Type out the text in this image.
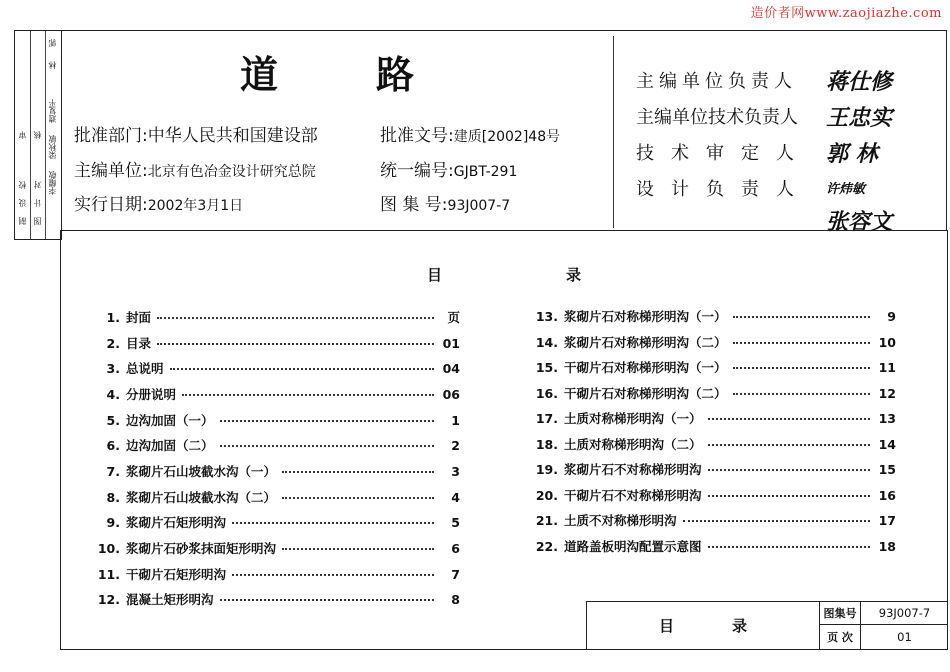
造价者网www.zaojiazhe.com
校
设
审
制
对
计
核
图
遗复平
梁秋敏
李耀敬
郭
林	道	路
批准部门:中华人民共和国建设部
主编单位:北京有色冶金设计研究总院
实行日期:2002年3月1日
批准文号:建质[2002]48号
统一编号:GJBT-291
图 集 号:93J007-7
主编单位负责人 蒋仕修
主编单位技术负责人 王忠实
技术审定人 郭 林
设计负责人 许炜敏
张容文
目	录
1. 封面	页
2. 目录	01
3. 总说明	04
4. 分册说明	06
5. 边沟加固（一）	1
6. 边沟加固（二）	2
7. 浆砌片石山坡截水沟（一）	3
8. 浆砌片石山坡截水沟（二）	4
9. 浆砌片石矩形明沟	5
10. 浆砌片石砂浆抹面矩形明沟	6
11. 干砌片石矩形明沟	7
12. 混凝土矩形明沟	8
13. 浆砌片石对称梯形明沟（一）	9
14. 浆砌片石对称梯形明沟（二）	10
15. 干砌片石对称梯形明沟（一）	11
16. 干砌片石对称梯形明沟（二）	12
17. 土质对称梯形明沟（一）	13
18. 土质对称梯形明沟（二）	14
19. 浆砌片石不对称梯形明沟	15
20. 干砌片石不对称梯形明沟	16
21. 土质不对称梯形明沟	17
22. 道路盖板明沟配置示意图	18
目	录
图集号	93J007-7
页 次	01
